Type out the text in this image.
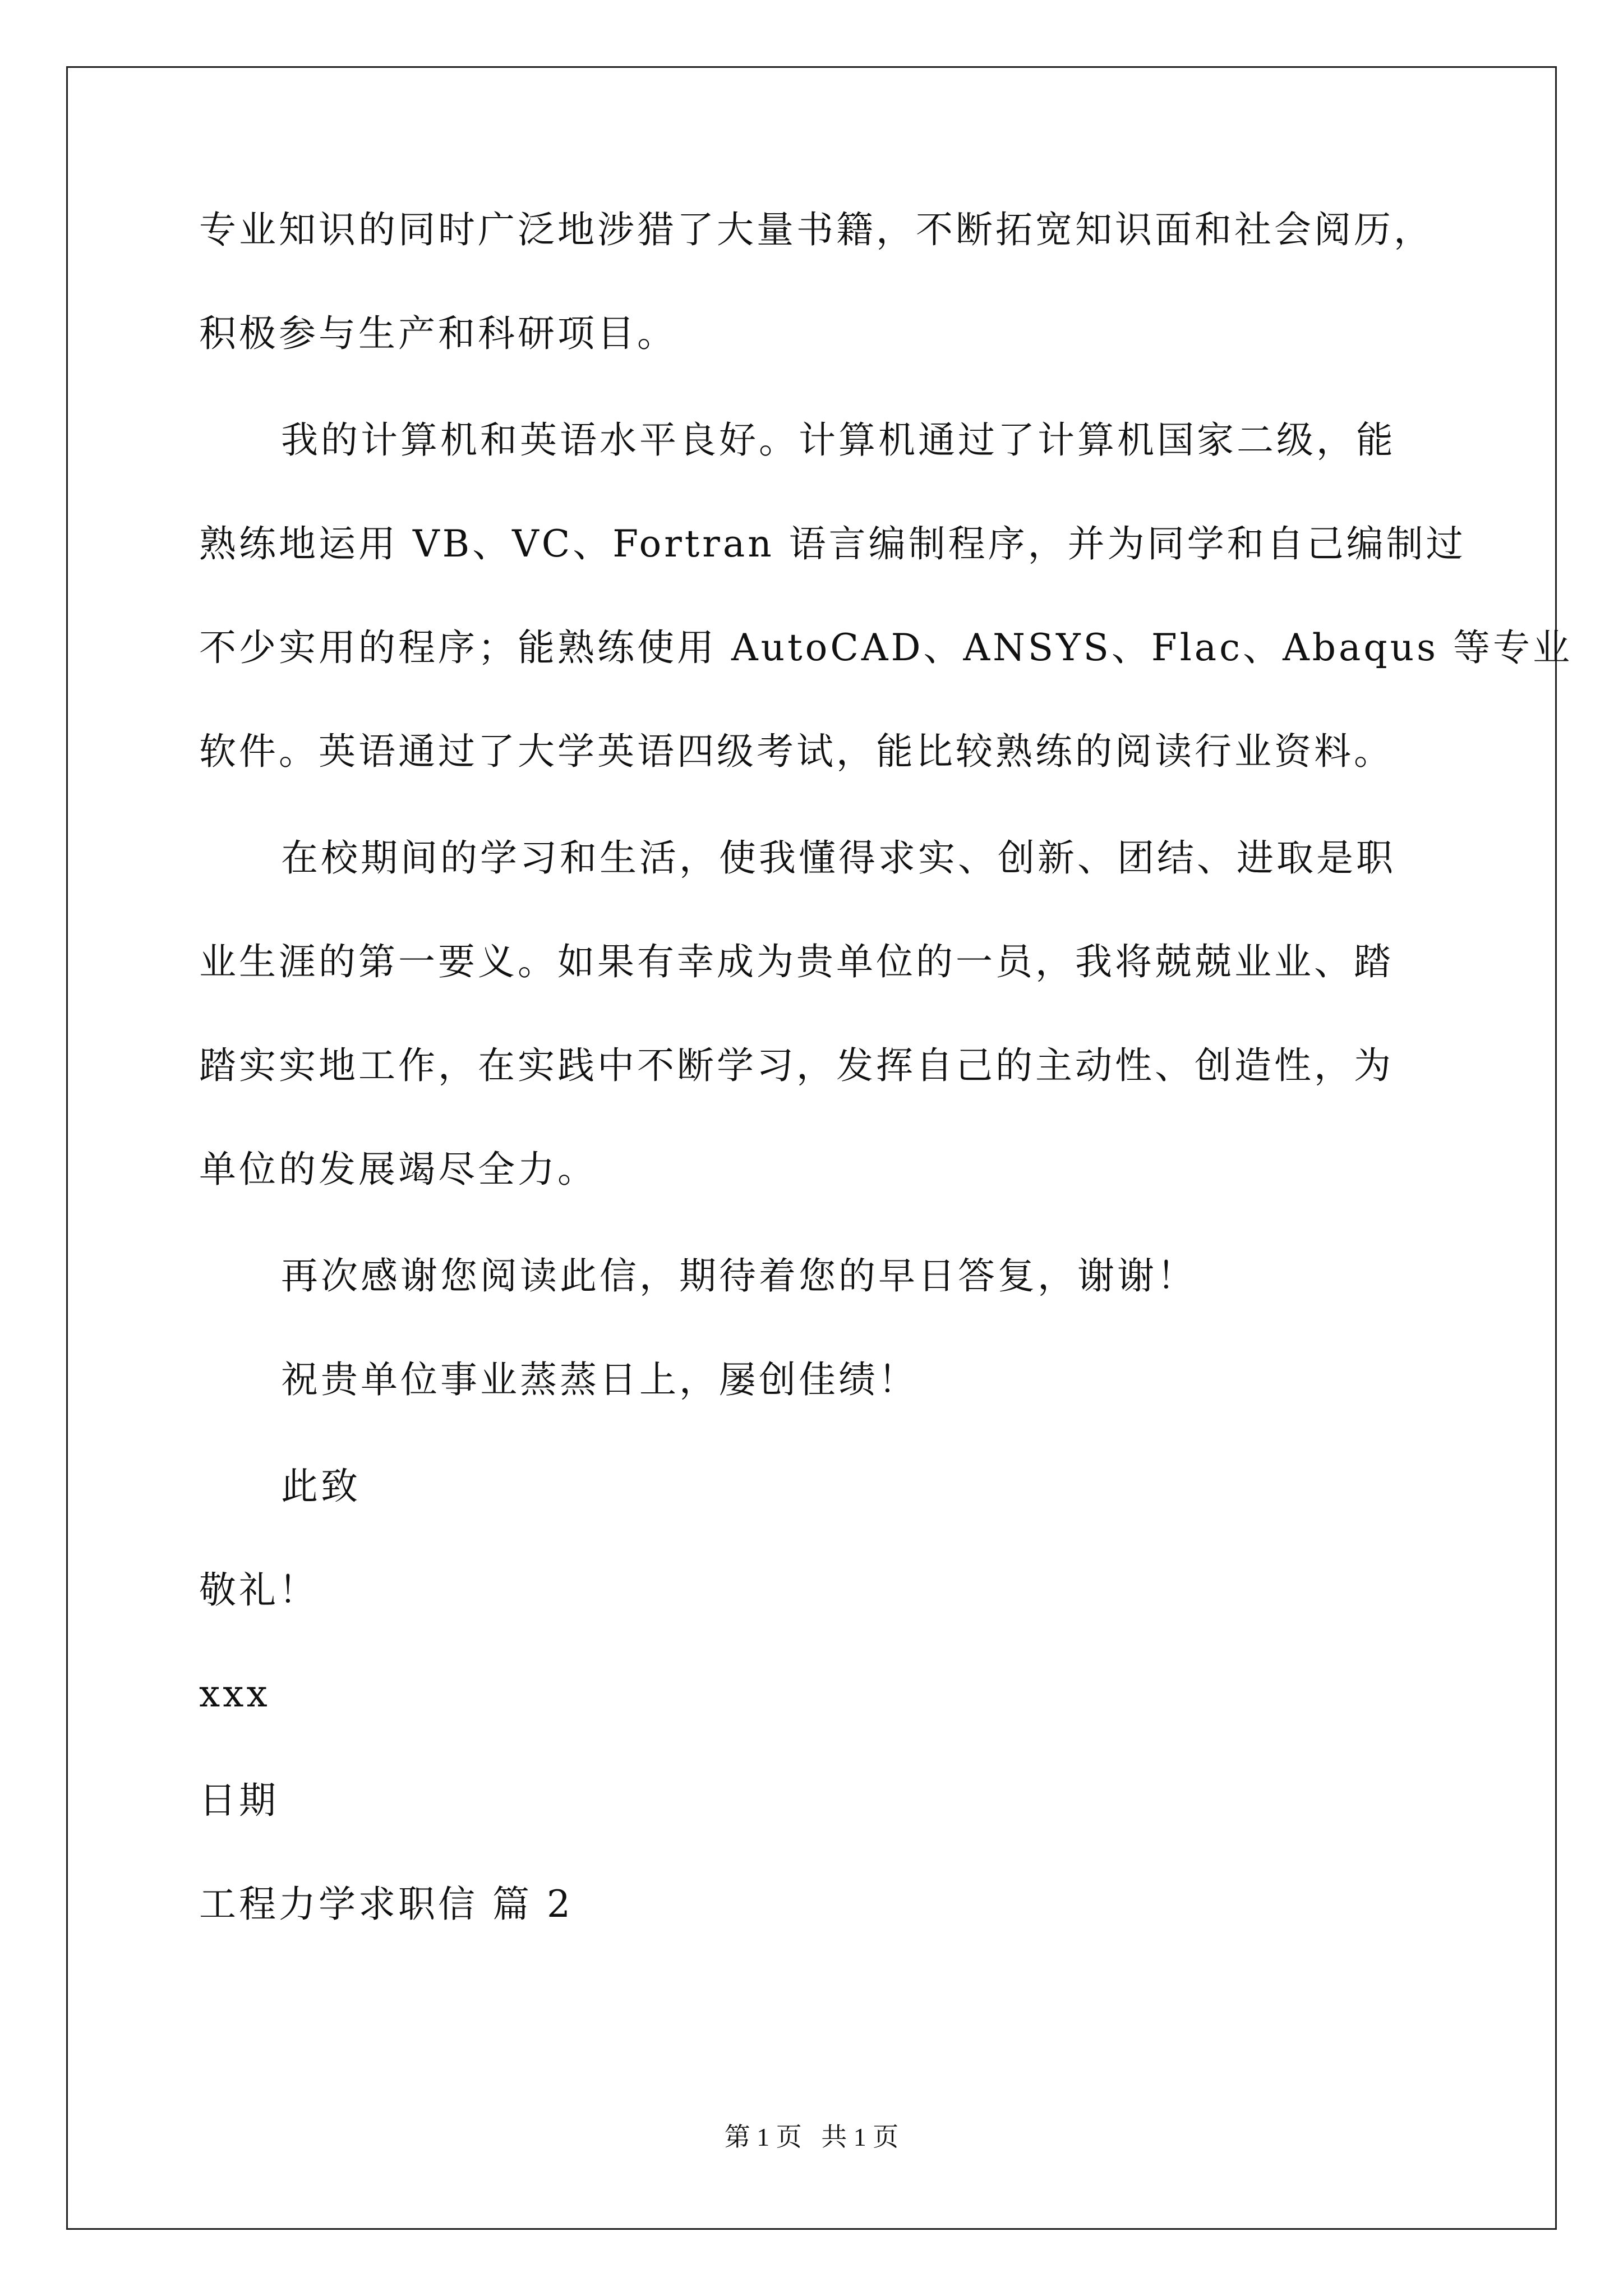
专业知识的同时广泛地涉猎了大量书籍，不断拓宽知识面和社会阅历，
积极参与生产和科研项目。
我的计算机和英语水平良好。计算机通过了计算机国家二级，能
熟练地运用 VB、VC、Fortran 语言编制程序，并为同学和自己编制过
不少实用的程序；能熟练使用 AutoCAD、ANSYS、Flac、Abaqus 等专业
软件。英语通过了大学英语四级考试，能比较熟练的阅读行业资料。
在校期间的学习和生活，使我懂得求实、创新、团结、进取是职
业生涯的第一要义。如果有幸成为贵单位的一员，我将兢兢业业、踏
踏实实地工作，在实践中不断学习，发挥自己的主动性、创造性，为
单位的发展竭尽全力。
再次感谢您阅读此信，期待着您的早日答复，谢谢！
祝贵单位事业蒸蒸日上，屡创佳绩！
此致
敬礼！
xxx
日期
工程力学求职信 篇 2
第 1 页   共 1 页
